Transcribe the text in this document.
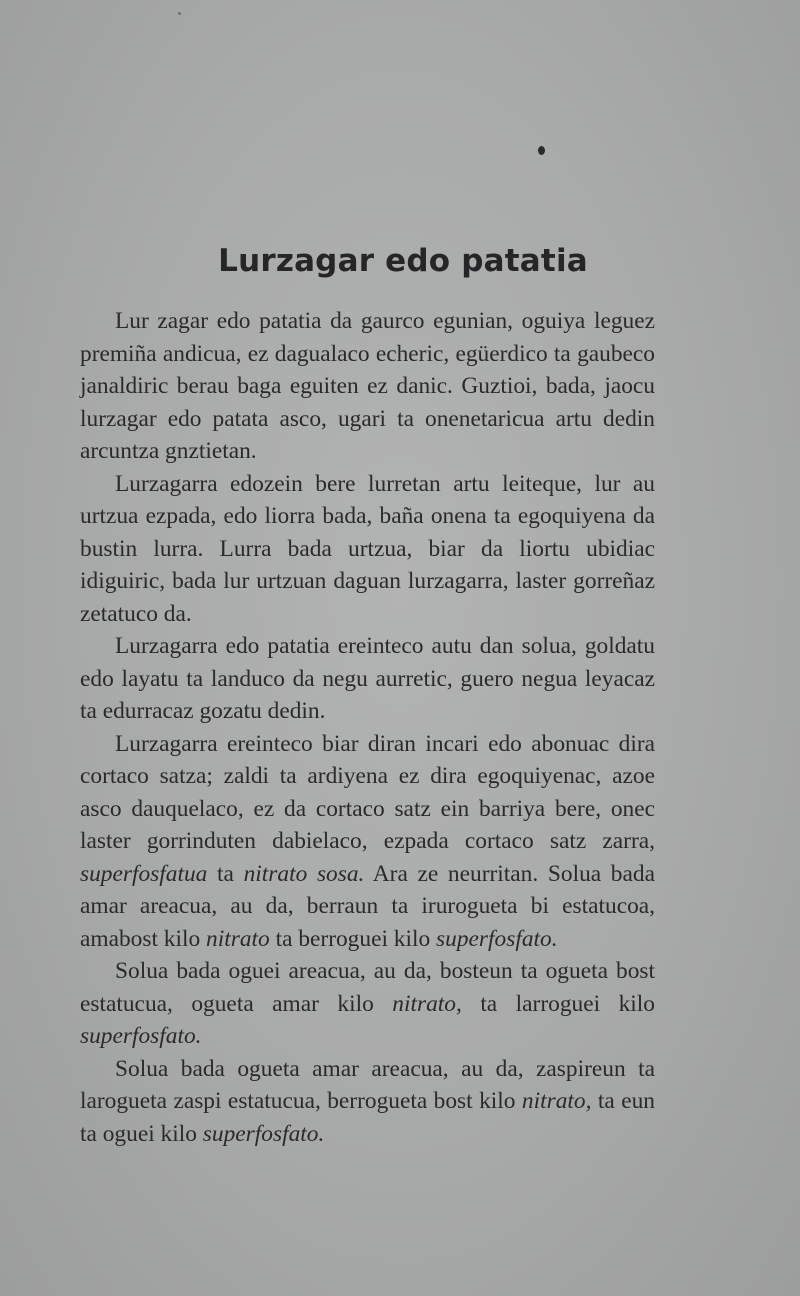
Lurzagar edo patatia

Lur zagar edo patatia da gaurco egunian, oguiya leguez premiña andicua, ez dagualaco echeric, egüerdico ta gaubeco janaldiric berau baga eguiten ez danic. Guztioi, bada, jaocu lurzagar edo patata asco, ugari ta onenetaricua artu dedin arcuntza gnztietan.

Lurzagarra edozein bere lurretan artu leiteque, lur au urtzua ezpada, edo liorra bada, baña onena ta egoquiyena da bustin lurra. Lurra bada urtzua, biar da liortu ubidiac idiguiric, bada lur urtzuan daguan lurzagarra, laster gorreñaz zetatuco da.

Lurzagarra edo patatia ereinteco autu dan solua, goldatu edo layatu ta landuco da negu aurretic, guero negua leyacaz ta edurracaz gozatu dedin.

Lurzagarra ereinteco biar diran incari edo abonuac dira cortaco satza; zaldi ta ardiyena ez dira egoquiyenac, azoe asco dauquelaco, ez da cortaco satz ein barriya bere, onec laster gorrinduten dabielaco, ezpada cortaco satz zarra, superfosfatua ta nitrato sosa. Ara ze neurritan. Solua bada amar areacua, au da, berraun ta irurogueta bi estatucoa, amabost kilo nitrato ta berroguei kilo superfosfato.

Solua bada oguei areacua, au da, bosteun ta ogueta bost estatucua, ogueta amar kilo nitrato, ta larroguei kilo superfosfato.

Solua bada ogueta amar areacua, au da, zaspireun ta larogueta zaspi estatucua, berrogueta bost kilo nitrato, ta eun ta oguei kilo superfosfato.
